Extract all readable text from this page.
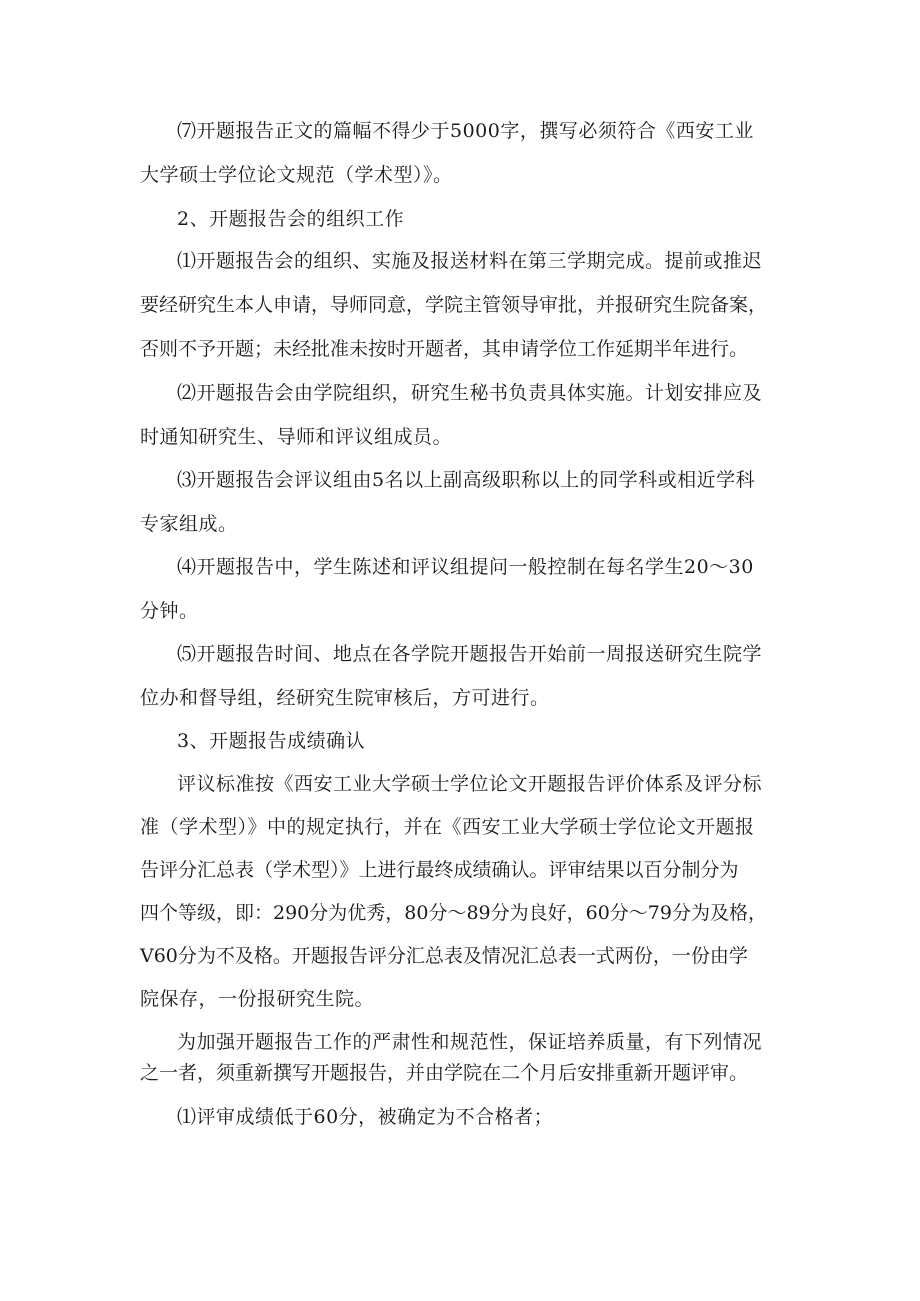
⑺开题报告正文的篇幅不得少于5000字，撰写必须符合《西安工业
大学硕士学位论文规范（学术型）》。
2、开题报告会的组织工作
⑴开题报告会的组织、实施及报送材料在第三学期完成。提前或推迟
要经研究生本人申请，导师同意，学院主管领导审批，并报研究生院备案，
否则不予开题；未经批准未按时开题者，其申请学位工作延期半年进行。
⑵开题报告会由学院组织，研究生秘书负责具体实施。计划安排应及
时通知研究生、导师和评议组成员。
⑶开题报告会评议组由5名以上副高级职称以上的同学科或相近学科
专家组成。
⑷开题报告中，学生陈述和评议组提问一般控制在每名学生20〜30
分钟。
⑸开题报告时间、地点在各学院开题报告开始前一周报送研究生院学
位办和督导组，经研究生院审核后，方可进行。
3、开题报告成绩确认
评议标准按《西安工业大学硕士学位论文开题报告评价体系及评分标
准（学术型）》中的规定执行，并在《西安工业大学硕士学位论文开题报
告评分汇总表（学术型）》上进行最终成绩确认。评审结果以百分制分为
四个等级，即：290分为优秀，80分〜89分为良好，60分〜79分为及格，
V60分为不及格。开题报告评分汇总表及情况汇总表一式两份，一份由学
院保存，一份报研究生院。
为加强开题报告工作的严肃性和规范性，保证培养质量，有下列情况
之一者，须重新撰写开题报告，并由学院在二个月后安排重新开题评审。
⑴评审成绩低于60分，被确定为不合格者；
